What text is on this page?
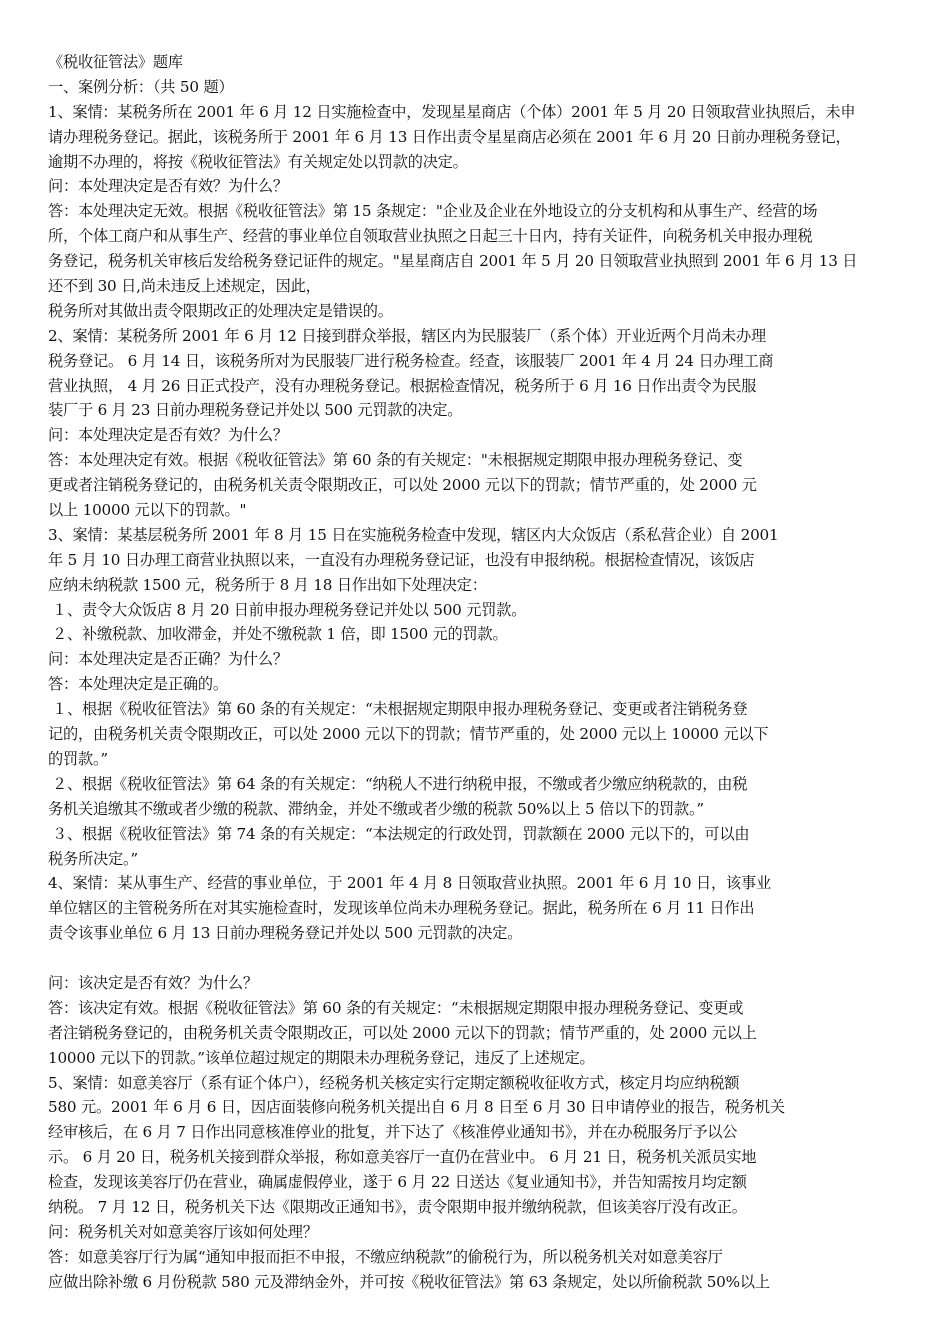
《税收征管法》题库
一、案例分析：（共 50 题）
1、案情：某税务所在 2001 年 6 月 12 日实施检查中，发现星星商店（个体）2001 年 5 月 20 日领取营业执照后，未申
请办理税务登记。据此，该税务所于 2001 年 6 月 13 日作出责令星星商店必须在 2001 年 6 月 20 日前办理税务登记，
逾期不办理的，将按《税收征管法》有关规定处以罚款的决定。
问：本处理决定是否有效？为什么？
答：本处理决定无效。根据《税收征管法》第 15 条规定："企业及企业在外地设立的分支机构和从事生产、经营的场
所，个体工商户和从事生产、经营的事业单位自领取营业执照之日起三十日内，持有关证件，向税务机关申报办理税
务登记，税务机关审核后发给税务登记证件的规定。"星星商店自 2001 年 5 月 20 日领取营业执照到 2001 年 6 月 13 日
还不到 30 日,尚未违反上述规定，因此，
税务所对其做出责令限期改正的处理决定是错误的。
2、案情：某税务所 2001 年 6 月 12 日接到群众举报，辖区内为民服装厂（系个体）开业近两个月尚未办理
税务登记。 6 月 14 日，该税务所对为民服装厂进行税务检查。经查，该服装厂 2001 年 4 月 24 日办理工商
营业执照， 4 月 26 日正式投产，没有办理税务登记。根据检查情况，税务所于 6 月 16 日作出责令为民服
装厂于 6 月 23 日前办理税务登记并处以 500 元罚款的决定。
问：本处理决定是否有效？为什么？
答：本处理决定有效。根据《税收征管法》第 60 条的有关规定："未根据规定期限申报办理税务登记、变
更或者注销税务登记的，由税务机关责令限期改正，可以处 2000 元以下的罚款；情节严重的，处 2000 元
以上 10000 元以下的罚款。"
3、案情：某基层税务所 2001 年 8 月 15 日在实施税务检查中发现，辖区内大众饭店（系私营企业）自 2001
年 5 月 10 日办理工商营业执照以来，一直没有办理税务登记证，也没有申报纳税。根据检查情况，该饭店
应纳未纳税款 1500 元，税务所于 8 月 18 日作出如下处理决定：
１、责令大众饭店 8 月 20 日前申报办理税务登记并处以 500 元罚款。
２、补缴税款、加收滞金，并处不缴税款 1 倍，即 1500 元的罚款。
问：本处理决定是否正确？为什么？
答：本处理决定是正确的。
１、根据《税收征管法》第 60 条的有关规定：“未根据规定期限申报办理税务登记、变更或者注销税务登
记的，由税务机关责令限期改正，可以处 2000 元以下的罚款；情节严重的，处 2000 元以上 10000 元以下
的罚款。”
２、根据《税收征管法》第 64 条的有关规定：“纳税人不进行纳税申报，不缴或者少缴应纳税款的，由税
务机关追缴其不缴或者少缴的税款、滞纳金，并处不缴或者少缴的税款 50%以上 5 倍以下的罚款。”
３、根据《税收征管法》第 74 条的有关规定：“本法规定的行政处罚，罚款额在 2000 元以下的，可以由
税务所决定。”
4、案情：某从事生产、经营的事业单位，于 2001 年 4 月 8 日领取营业执照。2001 年 6 月 10 日，该事业
单位辖区的主管税务所在对其实施检查时，发现该单位尚未办理税务登记。据此，税务所在 6 月 11 日作出
责令该事业单位 6 月 13 日前办理税务登记并处以 500 元罚款的决定。
问：该决定是否有效？为什么？
答：该决定有效。根据《税收征管法》第 60 条的有关规定：“未根据规定期限申报办理税务登记、变更或
者注销税务登记的，由税务机关责令限期改正，可以处 2000 元以下的罚款；情节严重的，处 2000 元以上
10000 元以下的罚款。”该单位超过规定的期限未办理税务登记，违反了上述规定。
5、案情：如意美容厅（系有证个体户），经税务机关核定实行定期定额税收征收方式，核定月均应纳税额
580 元。2001 年 6 月 6 日，因店面装修向税务机关提出自 6 月 8 日至 6 月 30 日申请停业的报告，税务机关
经审核后，在 6 月 7 日作出同意核准停业的批复，并下达了《核准停业通知书》，并在办税服务厅予以公
示。 6 月 20 日，税务机关接到群众举报，称如意美容厅一直仍在营业中。 6 月 21 日，税务机关派员实地
检查，发现该美容厅仍在营业，确属虚假停业，遂于 6 月 22 日送达《复业通知书》，并告知需按月均定额
纳税。 7 月 12 日，税务机关下达《限期改正通知书》，责令限期申报并缴纳税款，但该美容厅没有改正。
问：税务机关对如意美容厅该如何处理？
答：如意美容厅行为属“通知申报而拒不申报，不缴应纳税款”的偷税行为，所以税务机关对如意美容厅
应做出除补缴 6 月份税款 580 元及滞纳金外，并可按《税收征管法》第 63 条规定，处以所偷税款 50%以上
